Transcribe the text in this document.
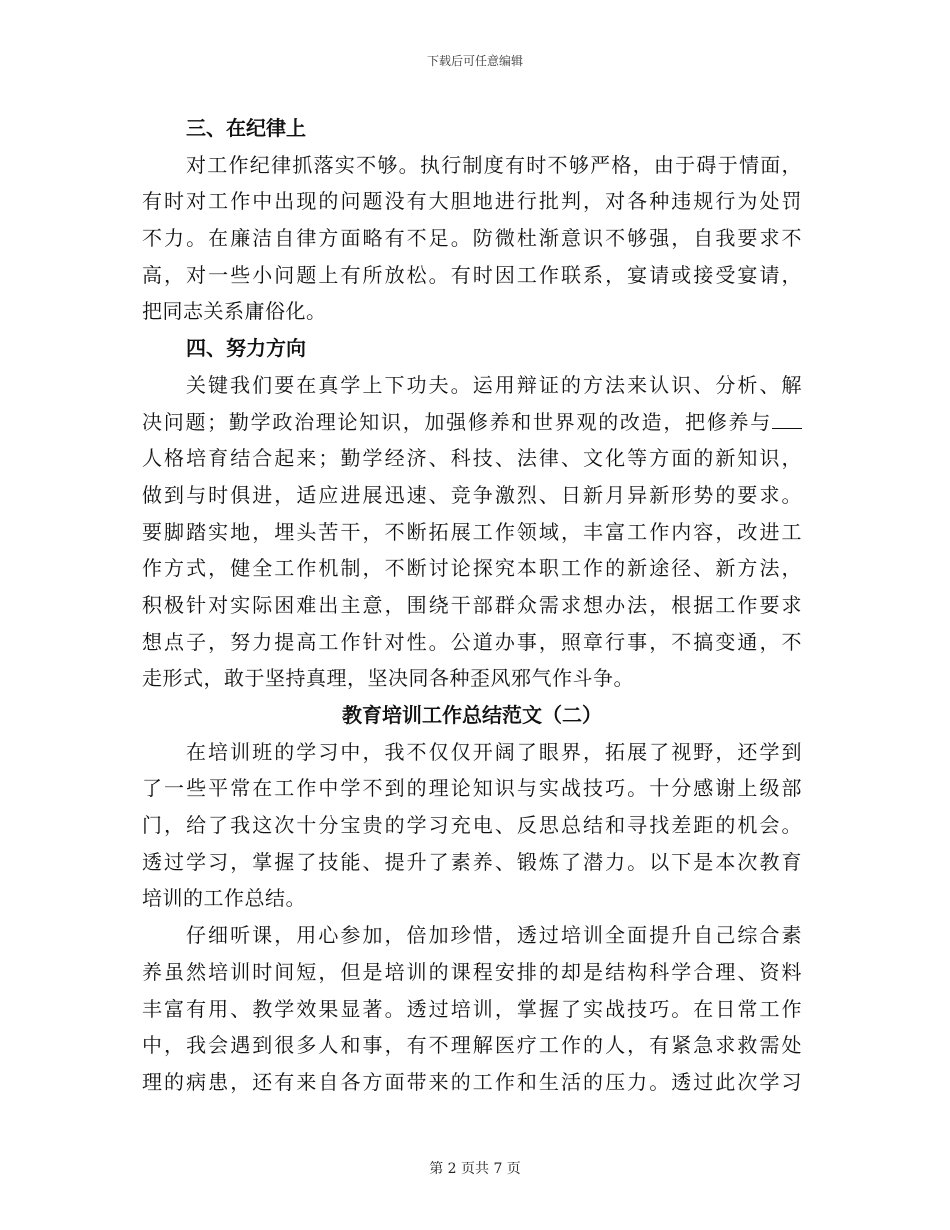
下载后可任意编辑
三、在纪律上
对工作纪律抓落实不够。执行制度有时不够严格，由于碍于情面，
有时对工作中出现的问题没有大胆地进行批判，对各种违规行为处罚
不力。在廉洁自律方面略有不足。防微杜渐意识不够强，自我要求不
高，对一些小问题上有所放松。有时因工作联系，宴请或接受宴请，
把同志关系庸俗化。
四、努力方向
关键我们要在真学上下功夫。运用辩证的方法来认识、分析、解
决问题；勤学政治理论知识，加强修养和世界观的改造，把修养与
人格培育结合起来；勤学经济、科技、法律、文化等方面的新知识，
做到与时俱进，适应进展迅速、竞争激烈、日新月异新形势的要求。
要脚踏实地，埋头苦干，不断拓展工作领域，丰富工作内容，改进工
作方式，健全工作机制，不断讨论探究本职工作的新途径、新方法，
积极针对实际困难出主意，围绕干部群众需求想办法，根据工作要求
想点子，努力提高工作针对性。公道办事，照章行事，不搞变通，不
走形式，敢于坚持真理，坚决同各种歪风邪气作斗争。
教育培训工作总结范文（二）
在培训班的学习中，我不仅仅开阔了眼界，拓展了视野，还学到
了一些平常在工作中学不到的理论知识与实战技巧。十分感谢上级部
门，给了我这次十分宝贵的学习充电、反思总结和寻找差距的机会。
透过学习，掌握了技能、提升了素养、锻炼了潜力。以下是本次教育
培训的工作总结。
仔细听课，用心参加，倍加珍惜，透过培训全面提升自己综合素
养虽然培训时间短，但是培训的课程安排的却是结构科学合理、资料
丰富有用、教学效果显著。透过培训，掌握了实战技巧。在日常工作
中，我会遇到很多人和事，有不理解医疗工作的人，有紧急求救需处
理的病患，还有来自各方面带来的工作和生活的压力。透过此次学习
第 2 页共 7 页
